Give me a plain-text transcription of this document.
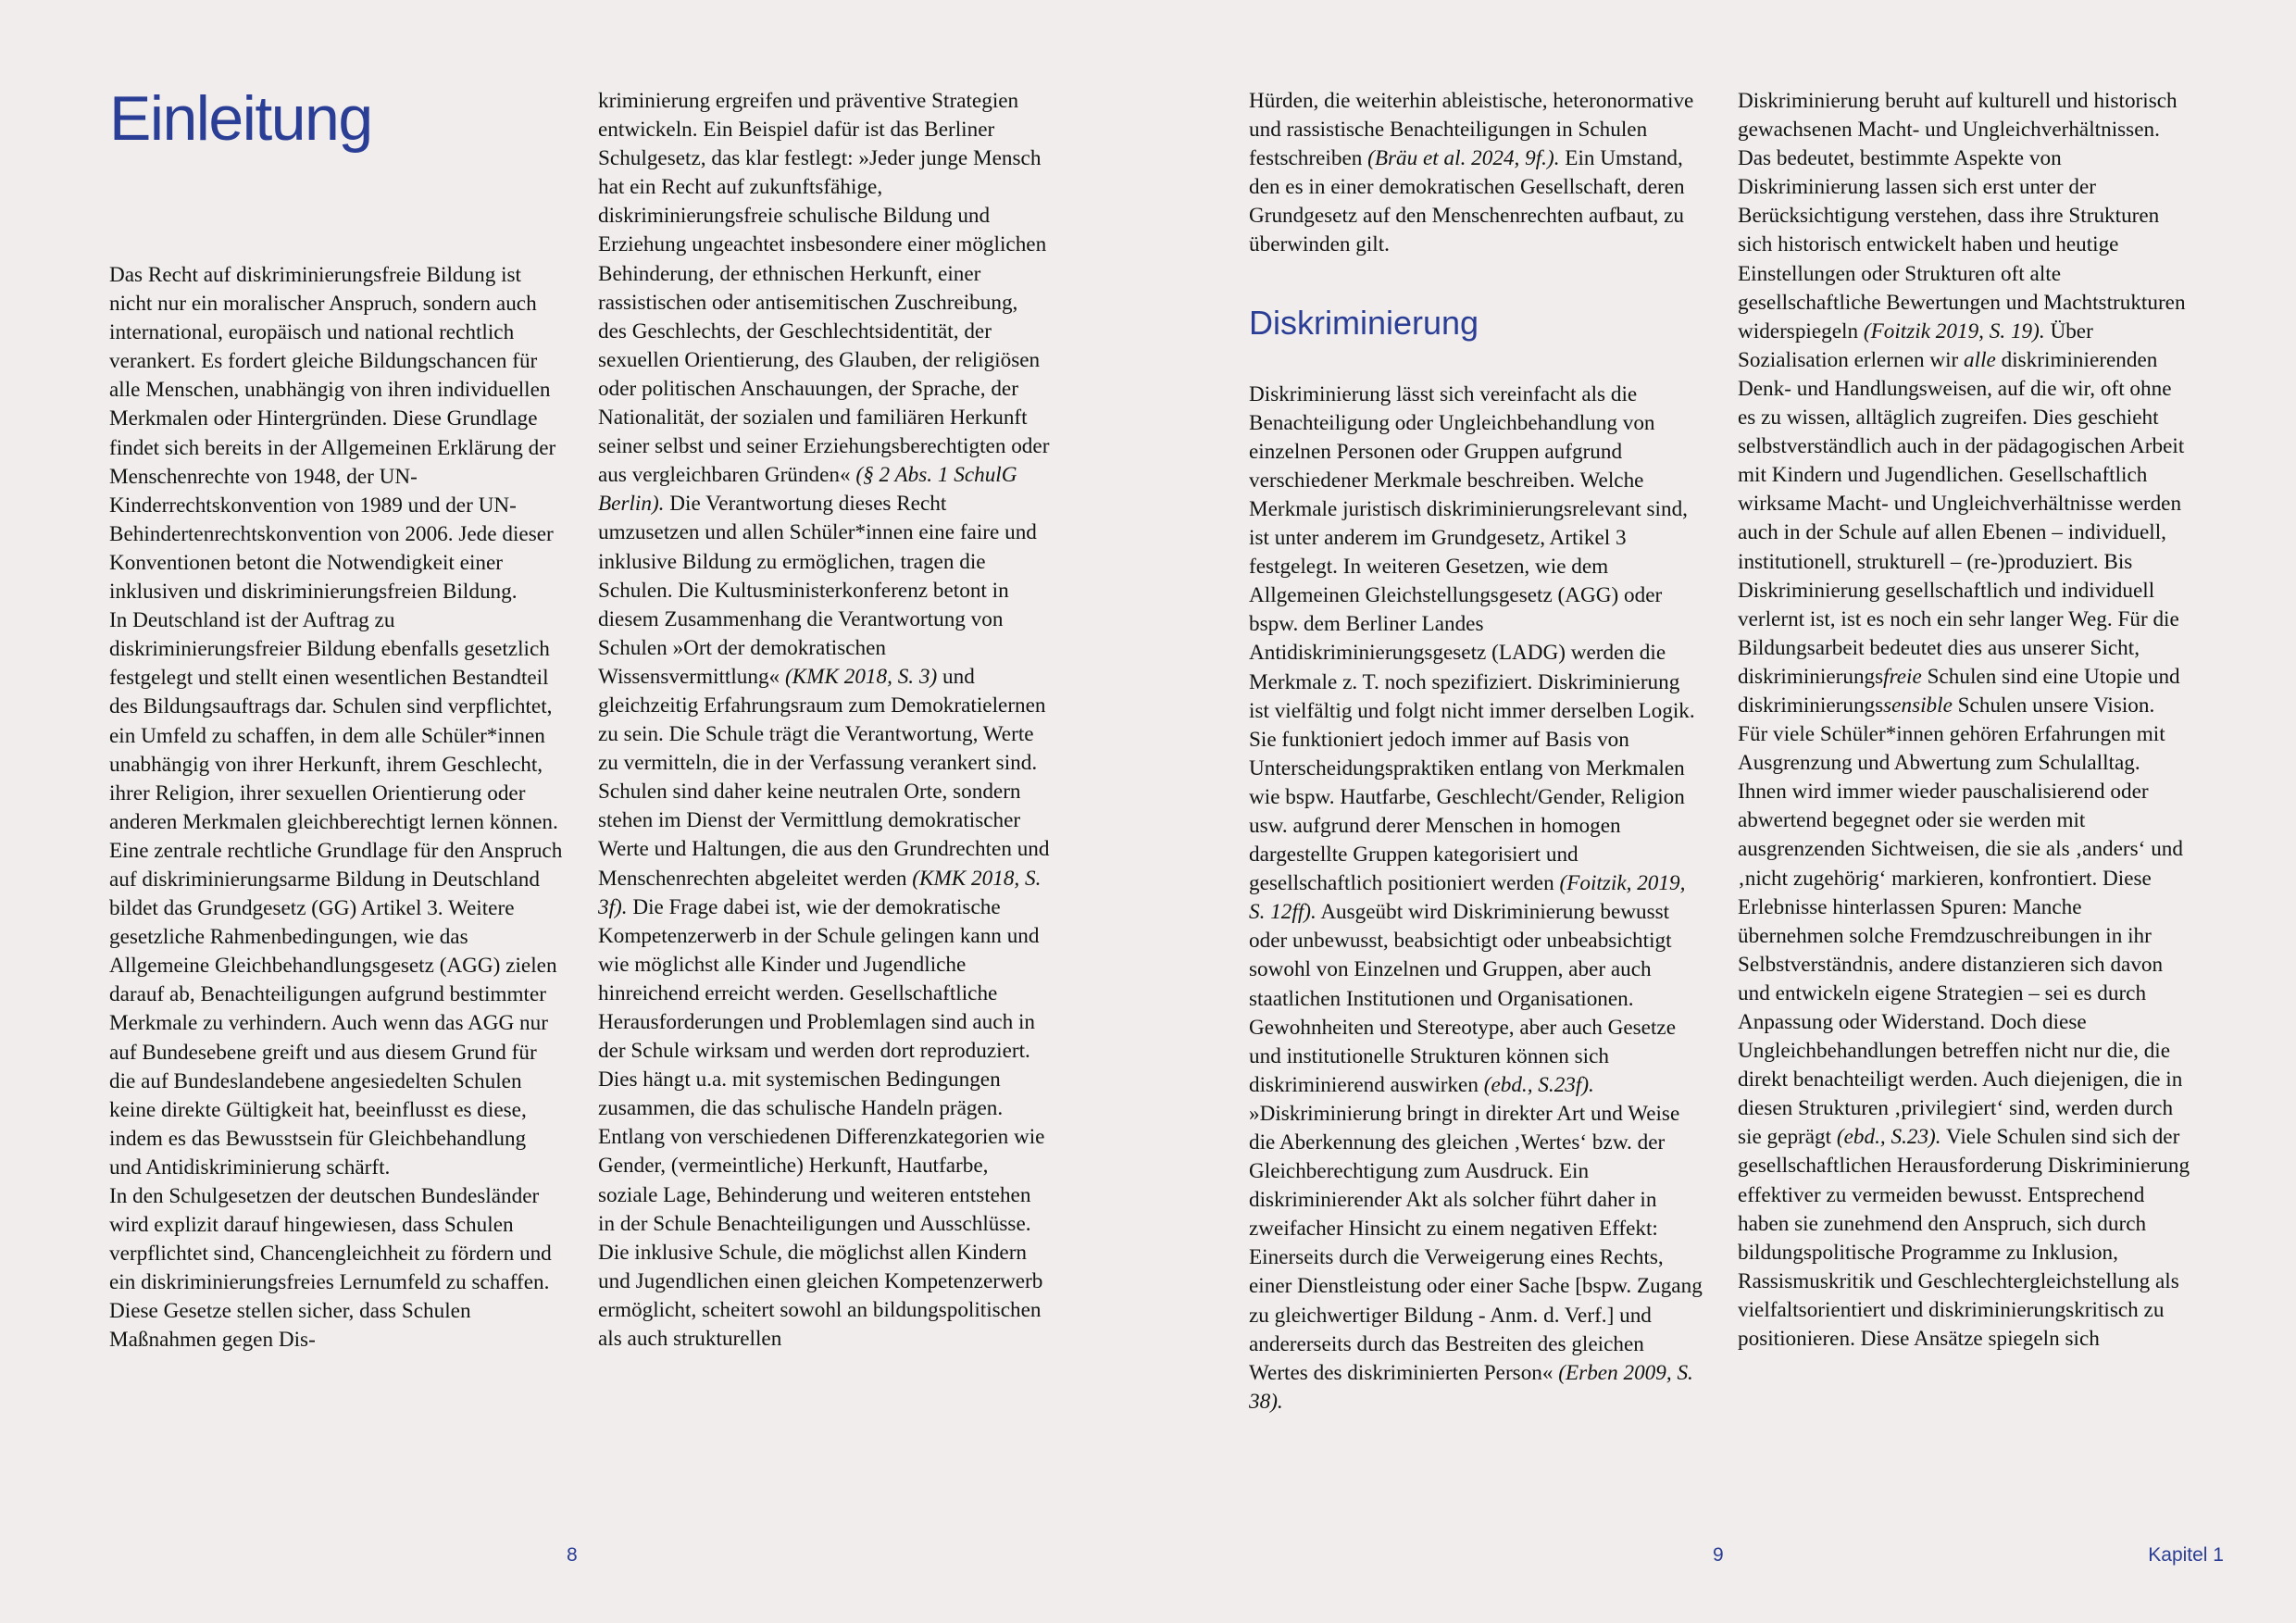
Einleitung

Das Recht auf diskriminierungsfreie Bildung ist nicht nur ein moralischer Anspruch, sondern auch international, europäisch und national rechtlich verankert. Es fordert gleiche Bildungschancen für alle Menschen, unabhängig von ihren individuellen Merkmalen oder Hintergründen. Diese Grundlage findet sich bereits in der Allgemeinen Erklärung der Menschenrechte von 1948, der UN-Kinderrechtskonvention von 1989 und der UN-Behindertenrechtskonvention von 2006. Jede dieser Konventionen betont die Notwendigkeit einer inklusiven und diskriminierungsfreien Bildung.

In Deutschland ist der Auftrag zu diskriminierungsfreier Bildung ebenfalls gesetzlich festgelegt und stellt einen wesentlichen Bestandteil des Bildungsauftrags dar. Schulen sind verpflichtet, ein Umfeld zu schaffen, in dem alle Schüler*innen unabhängig von ihrer Herkunft, ihrem Geschlecht, ihrer Religion, ihrer sexuellen Orientierung oder anderen Merkmalen gleichberechtigt lernen können. Eine zentrale rechtliche Grundlage für den Anspruch auf diskriminierungsarme Bildung in Deutschland bildet das Grundgesetz (GG) Artikel 3. Weitere gesetzliche Rahmenbedingungen, wie das Allgemeine Gleichbehandlungsgesetz (AGG) zielen darauf ab, Benachteiligungen aufgrund bestimmter Merkmale zu verhindern. Auch wenn das AGG nur auf Bundesebene greift und aus diesem Grund für die auf Bundeslandebene angesiedelten Schulen keine direkte Gültigkeit hat, beeinflusst es diese, indem es das Bewusstsein für Gleichbehandlung und Antidiskriminierung schärft.

In den Schulgesetzen der deutschen Bundesländer wird explizit darauf hingewiesen, dass Schulen verpflichtet sind, Chancengleichheit zu fördern und ein diskriminierungsfreies Lernumfeld zu schaffen. Diese Gesetze stellen sicher, dass Schulen Maßnahmen gegen Dis-

kriminierung ergreifen und präventive Strategien entwickeln. Ein Beispiel dafür ist das Berliner Schulgesetz, das klar festlegt: »Jeder junge Mensch hat ein Recht auf zukunftsfähige, diskriminierungsfreie schulische Bildung und Erziehung ungeachtet insbesondere einer möglichen Behinderung, der ethnischen Herkunft, einer rassistischen oder antisemitischen Zuschreibung, des Geschlechts, der Geschlechtsidentität, der sexuellen Orientierung, des Glauben, der religiösen oder politischen Anschauungen, der Sprache, der Nationalität, der sozialen und familiären Herkunft seiner selbst und seiner Erziehungsberechtigten oder aus vergleichbaren Gründen« (§ 2 Abs. 1 SchulG Berlin). Die Verantwortung dieses Recht umzusetzen und allen Schüler*innen eine faire und inklusive Bildung zu ermöglichen, tragen die Schulen. Die Kultusministerkonferenz betont in diesem Zusammenhang die Verantwortung von Schulen »Ort der demokratischen Wissensvermittlung« (KMK 2018, S. 3) und gleichzeitig Erfahrungsraum zum Demokratielernen zu sein. Die Schule trägt die Verantwortung, Werte zu vermitteln, die in der Verfassung verankert sind. Schulen sind daher keine neutralen Orte, sondern stehen im Dienst der Vermittlung demokratischer Werte und Haltungen, die aus den Grundrechten und Menschenrechten abgeleitet werden (KMK 2018, S. 3f). Die Frage dabei ist, wie der demokratische Kompetenzerwerb in der Schule gelingen kann und wie möglichst alle Kinder und Jugendliche hinreichend erreicht werden. Gesellschaftliche Herausforderungen und Problemlagen sind auch in der Schule wirksam und werden dort reproduziert. Dies hängt u.a. mit systemischen Bedingungen zusammen, die das schulische Handeln prägen. Entlang von verschiedenen Differenzkategorien wie Gender, (vermeintliche) Herkunft, Hautfarbe, soziale Lage, Behinderung und weiteren entstehen in der Schule Benachteiligungen und Ausschlüsse. Die inklusive Schule, die möglichst allen Kindern und Jugendlichen einen gleichen Kompetenzerwerb ermöglicht, scheitert sowohl an bildungspolitischen als auch strukturellen

Hürden, die weiterhin ableistische, heteronormative und rassistische Benachteiligungen in Schulen festschreiben (Bräu et al. 2024, 9f.). Ein Umstand, den es in einer demokratischen Gesellschaft, deren Grundgesetz auf den Menschenrechten aufbaut, zu überwinden gilt.

Diskriminierung

Diskriminierung lässt sich vereinfacht als die Benachteiligung oder Ungleichbehandlung von einzelnen Personen oder Gruppen aufgrund verschiedener Merkmale beschreiben. Welche Merkmale juristisch diskriminierungsrelevant sind, ist unter anderem im Grundgesetz, Artikel 3 festgelegt. In weiteren Gesetzen, wie dem Allgemeinen Gleichstellungsgesetz (AGG) oder bspw. dem Berliner Landes Antidiskriminierungsgesetz (LADG) werden die Merkmale z. T. noch spezifiziert. Diskriminierung ist vielfältig und folgt nicht immer derselben Logik. Sie funktioniert jedoch immer auf Basis von Unterscheidungspraktiken entlang von Merkmalen wie bspw. Hautfarbe, Geschlecht/Gender, Religion usw. aufgrund derer Menschen in homogen dargestellte Gruppen kategorisiert und gesellschaftlich positioniert werden (Foitzik, 2019, S. 12ff). Ausgeübt wird Diskriminierung bewusst oder unbewusst, beabsichtigt oder unbeabsichtigt sowohl von Einzelnen und Gruppen, aber auch staatlichen Institutionen und Organisationen. Gewohnheiten und Stereotype, aber auch Gesetze und institutionelle Strukturen können sich diskriminierend auswirken (ebd., S.23f). »Diskriminierung bringt in direkter Art und Weise die Aberkennung des gleichen ‚Wertes‘ bzw. der Gleichberechtigung zum Ausdruck. Ein diskriminierender Akt als solcher führt daher in zweifacher Hinsicht zu einem negativen Effekt: Einerseits durch die Verweigerung eines Rechts, einer Dienstleistung oder einer Sache [bspw. Zugang zu gleichwertiger Bildung - Anm. d. Verf.] und andererseits durch das Bestreiten des gleichen Wertes des diskriminierten Person« (Erben 2009, S. 38).

Diskriminierung beruht auf kulturell und historisch gewachsenen Macht- und Ungleichverhältnissen. Das bedeutet, bestimmte Aspekte von Diskriminierung lassen sich erst unter der Berücksichtigung verstehen, dass ihre Strukturen sich historisch entwickelt haben und heutige Einstellungen oder Strukturen oft alte gesellschaftliche Bewertungen und Machtstrukturen widerspiegeln (Foitzik 2019, S. 19). Über Sozialisation erlernen wir alle diskriminierenden Denk- und Handlungsweisen, auf die wir, oft ohne es zu wissen, alltäglich zugreifen. Dies geschieht selbstverständlich auch in der pädagogischen Arbeit mit Kindern und Jugendlichen. Gesellschaftlich wirksame Macht- und Ungleichverhältnisse werden auch in der Schule auf allen Ebenen – individuell, institutionell, strukturell – (re-)produziert. Bis Diskriminierung gesellschaftlich und individuell verlernt ist, ist es noch ein sehr langer Weg. Für die Bildungsarbeit bedeutet dies aus unserer Sicht, diskriminierungsfreie Schulen sind eine Utopie und diskriminierungssensible Schulen unsere Vision.

Für viele Schüler*innen gehören Erfahrungen mit Ausgrenzung und Abwertung zum Schulalltag. Ihnen wird immer wieder pauschalisierend oder abwertend begegnet oder sie werden mit ausgrenzenden Sichtweisen, die sie als ‚anders‘ und ‚nicht zugehörig‘ markieren, konfrontiert. Diese Erlebnisse hinterlassen Spuren: Manche übernehmen solche Fremdzuschreibungen in ihr Selbstverständnis, andere distanzieren sich davon und entwickeln eigene Strategien – sei es durch Anpassung oder Widerstand. Doch diese Ungleichbehandlungen betreffen nicht nur die, die direkt benachteiligt werden. Auch diejenigen, die in diesen Strukturen ‚privilegiert‘ sind, werden durch sie geprägt (ebd., S.23). Viele Schulen sind sich der gesellschaftlichen Herausforderung Diskriminierung effektiver zu vermeiden bewusst. Entsprechend haben sie zunehmend den Anspruch, sich durch bildungspolitische Programme zu Inklusion, Rassismuskritik und Geschlechtergleichstellung als vielfaltsorientiert und diskriminierungskritisch zu positionieren. Diese Ansätze spiegeln sich

8	9	Kapitel 1
